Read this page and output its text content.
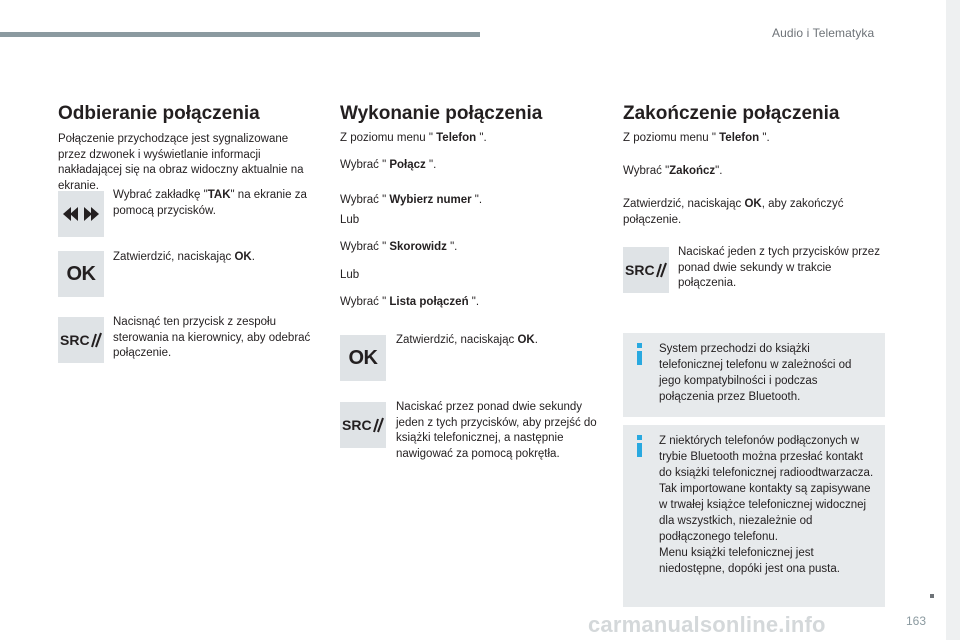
Audio i Telematyka
163
Odbieranie połączenia
Połączenie przychodzące jest sygnalizowane przez dzwonek i wyświetlanie informacji nakładającej się na obraz widoczny aktualnie na ekranie.
Wybrać zakładkę "TAK" na ekranie za pomocą przycisków.
OK
Zatwierdzić, naciskając OK.
SRC
Nacisnąć ten przycisk z zespołu sterowania na kierownicy, aby odebrać połączenie.
Wykonanie połączenia
Z poziomu menu " Telefon ".
Wybrać " Połącz ".
Wybrać " Wybierz numer ".
Lub
Wybrać " Skorowidz ".
Lub
Wybrać " Lista połączeń ".
OK
Zatwierdzić, naciskając OK.
SRC
Naciskać przez ponad dwie sekundy jeden z tych przycisków, aby przejść do książki telefonicznej, a następnie nawigować za pomocą pokrętła.
Zakończenie połączenia
Z poziomu menu " Telefon ".
Wybrać "Zakończ".
Zatwierdzić, naciskając OK, aby zakończyć połączenie.
SRC
Naciskać jeden z tych przycisków przez ponad dwie sekundy w trakcie połączenia.
System przechodzi do książki telefonicznej telefonu w zależności od jego kompatybilności i podczas połączenia przez Bluetooth.
Z niektórych telefonów podłączonych w trybie Bluetooth można przesłać kontakt do książki telefonicznej radioodtwarzacza.
Tak importowane kontakty są zapisywane w trwałej książce telefonicznej widocznej dla wszystkich, niezależnie od podłączonego telefonu.
Menu książki telefonicznej jest niedostępne, dopóki jest ona pusta.
carmanualsonline.info
